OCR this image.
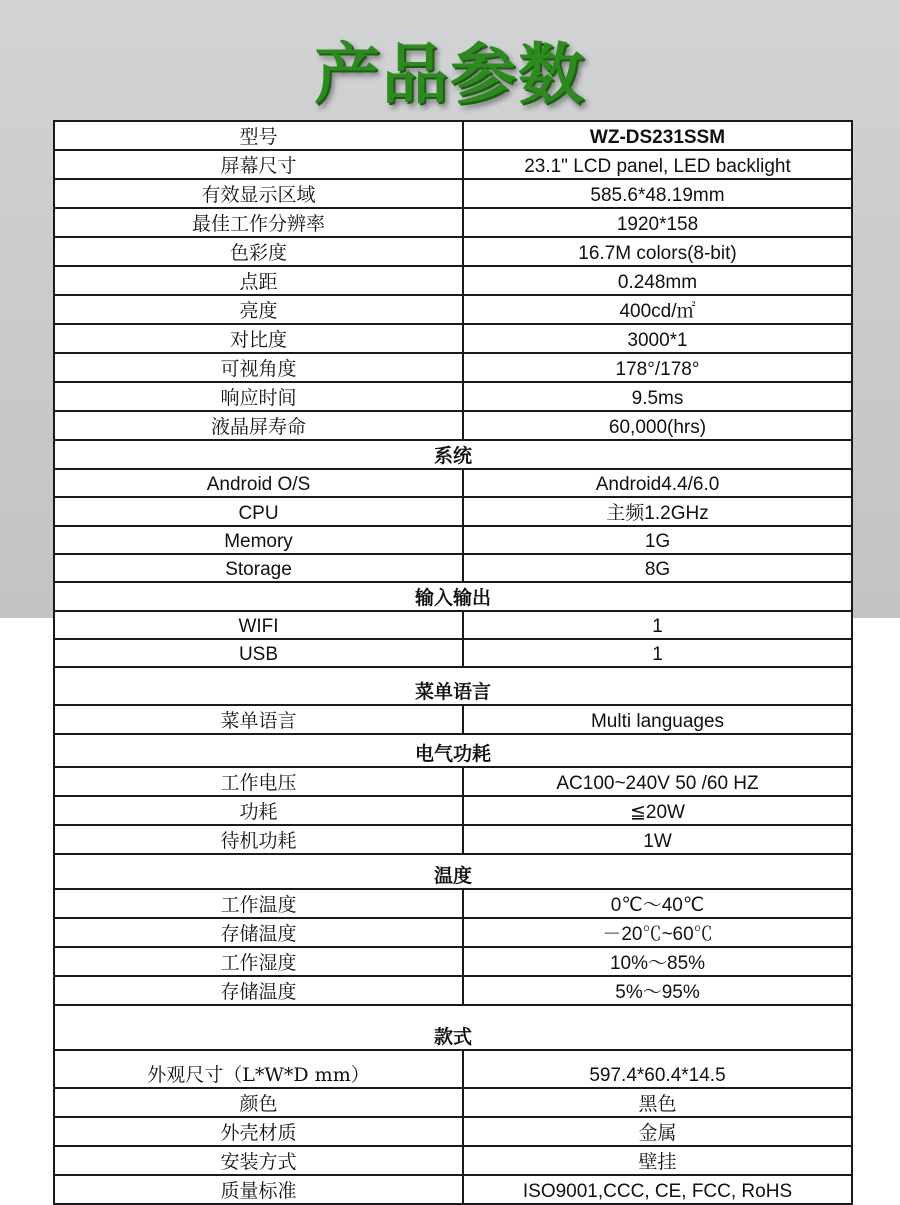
产品参数
型号	WZ-DS231SSM
屏幕尺寸	23.1" LCD panel, LED backlight
有效显示区域	585.6*48.19mm
最佳工作分辨率	1920*158
色彩度	16.7M colors(8-bit)
点距	0.248mm
亮度	400cd/㎡
对比度	3000*1
可视角度	178°/178°
响应时间	9.5ms
液晶屏寿命	60,000(hrs)
系统	
Android O/S	Android4.4/6.0
CPU	主频1.2GHz
Memory	1G
Storage	8G
输入输出	
WIFI	1
USB	1
菜单语言	
菜单语言	Multi languages
电气功耗	
工作电压	AC100~240V 50 /60 HZ
功耗	≦20W
待机功耗	1W
温度	
工作温度	0℃～40℃
存储温度	－20℃~60℃
工作湿度	10%～85%
存储温度	5%～95%
款式	
外观尺寸（L*W*D mm）	597.4*60.4*14.5
颜色	黑色
外壳材质	金属
安装方式	壁挂
质量标准	ISO9001,CCC, CE, FCC, RoHS
